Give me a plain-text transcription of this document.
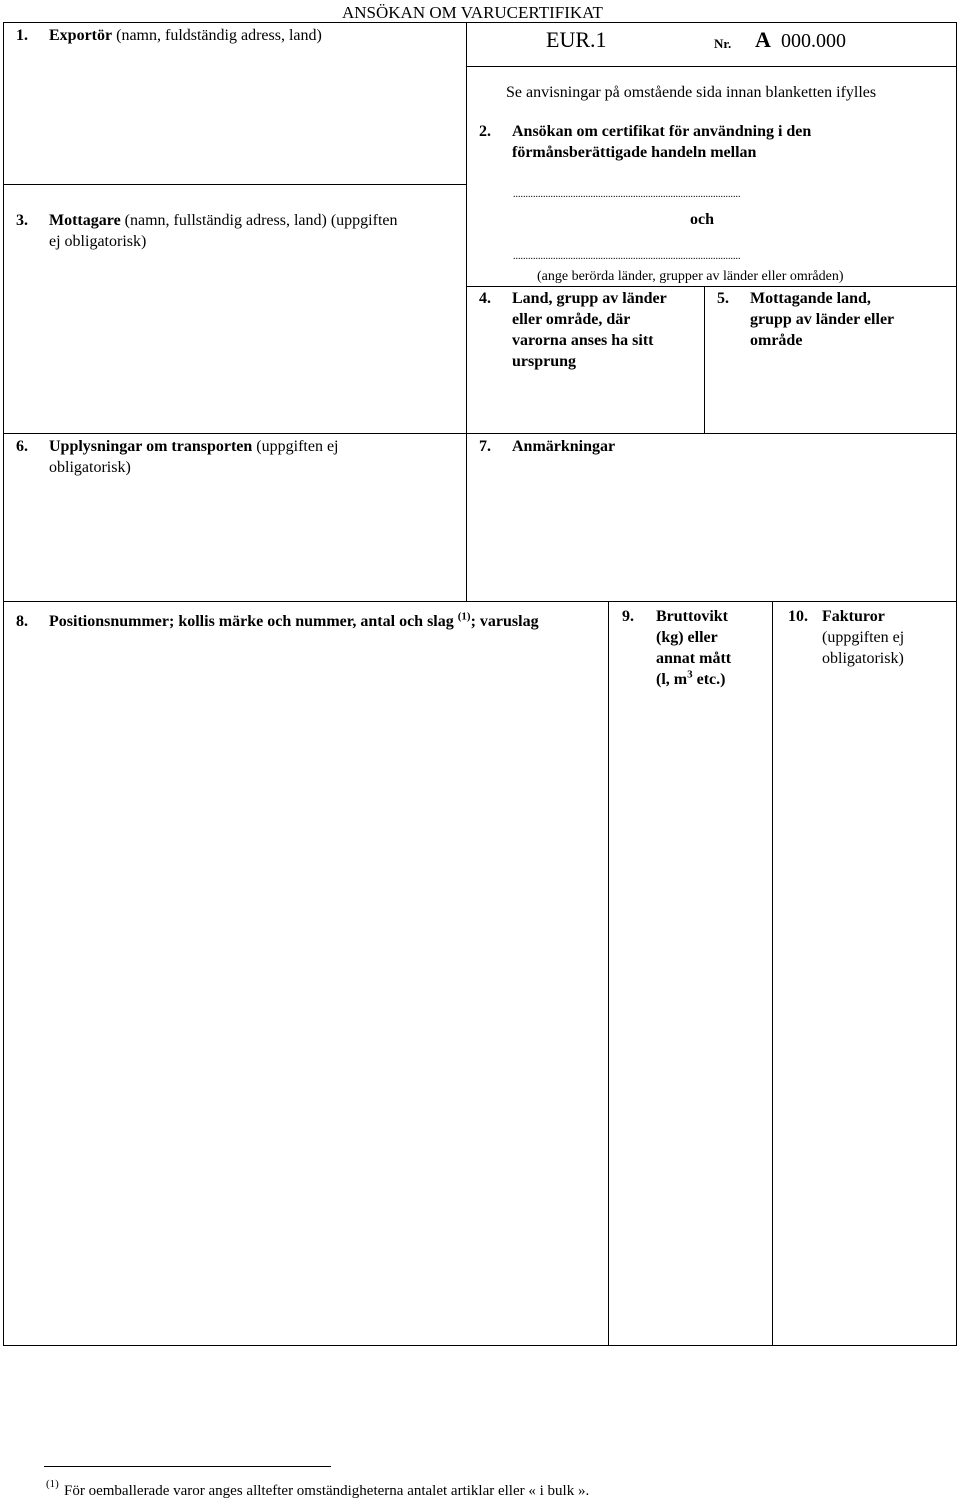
ANSÖKAN OM VARUCERTIFIKAT
1. Exportör (namn, fuldständig adress, land)	EUR.1	Nr. A 000.000
Se anvisningar på omstående sida innan blanketten ifylles
2. Ansökan om certifikat för användning i den
förmånsberättigade handeln mellan
...........................................................................................
och
...........................................................................................
(ange berörda länder, grupper av länder eller områden)
3. Mottagare (namn, fullständig adress, land) (uppgiften
ej obligatorisk)
4. Land, grupp av länder
eller område, där
varorna anses ha sitt
ursprung
5. Mottagande land,
grupp av länder eller
område
6. Upplysningar om transporten (uppgiften ej
obligatorisk)
7. Anmärkningar
8. Positionsnummer; kollis märke och nummer, antal och slag $^{(1)}$; varuslag	9. Bruttovikt
(kg) eller
annat mått
(l, $m^3$ etc.)
10. Fakturor
(uppgiften ej
obligatorisk)
(1) För oemballerade varor anges alltefter omständigheterna antalet artiklar eller « i bulk ».
